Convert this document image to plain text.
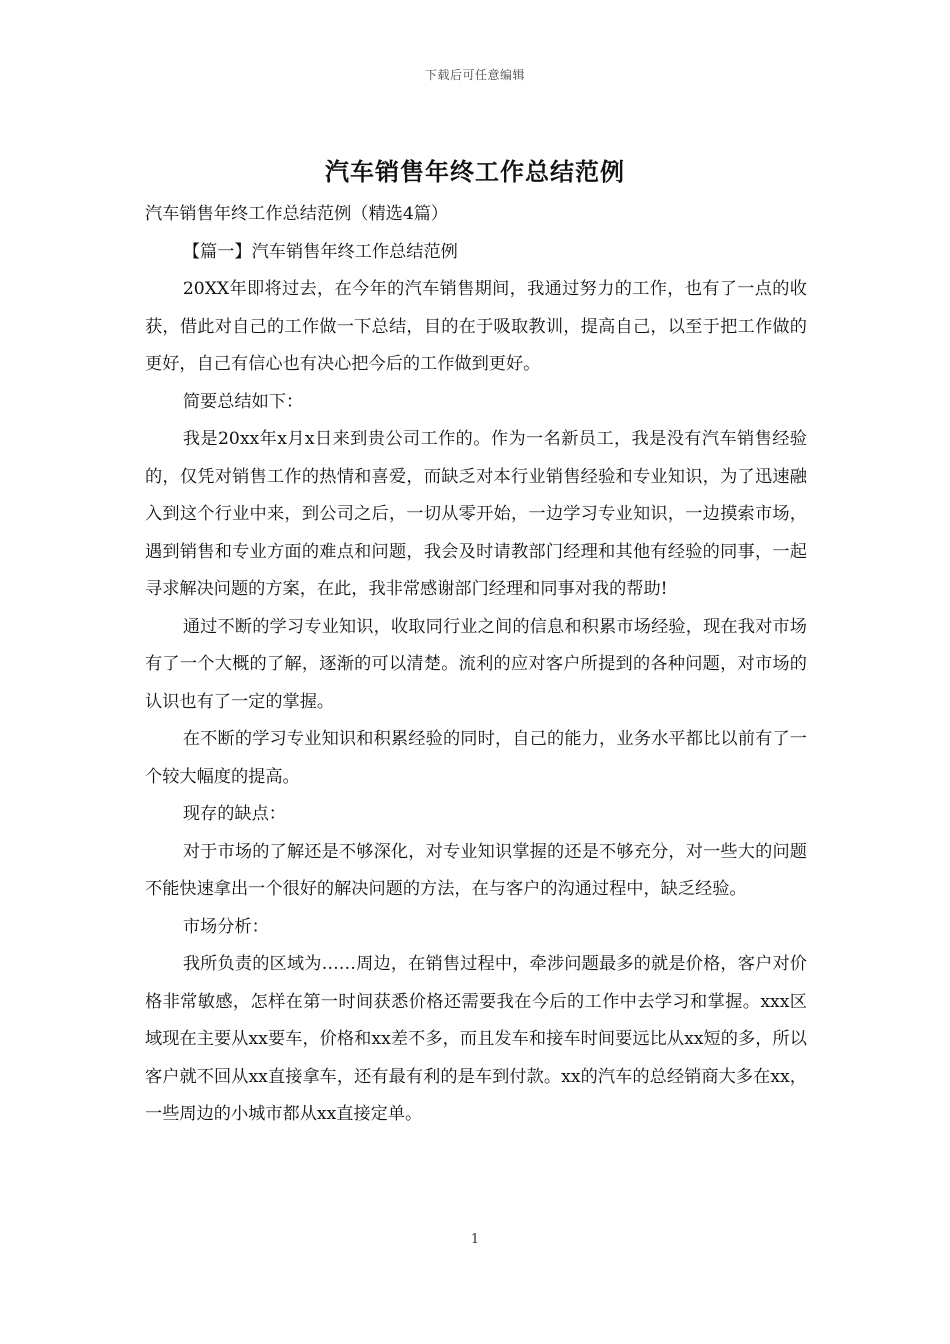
下载后可任意编辑
汽车销售年终工作总结范例

汽车销售年终工作总结范例（精选4篇）

【篇一】汽车销售年终工作总结范例

20XX年即将过去，在今年的汽车销售期间，我通过努力的工作，也有了一点的收获，借此对自己的工作做一下总结，目的在于吸取教训，提高自己，以至于把工作做的更好，自己有信心也有决心把今后的工作做到更好。

简要总结如下：

我是20xx年x月x日来到贵公司工作的。作为一名新员工，我是没有汽车销售经验的，仅凭对销售工作的热情和喜爱，而缺乏对本行业销售经验和专业知识，为了迅速融入到这个行业中来，到公司之后，一切从零开始，一边学习专业知识，一边摸索市场，遇到销售和专业方面的难点和问题，我会及时请教部门经理和其他有经验的同事，一起寻求解决问题的方案，在此，我非常感谢部门经理和同事对我的帮助!

通过不断的学习专业知识，收取同行业之间的信息和积累市场经验，现在我对市场有了一个大概的了解，逐渐的可以清楚。流利的应对客户所提到的各种问题，对市场的认识也有了一定的掌握。

在不断的学习专业知识和积累经验的同时，自己的能力，业务水平都比以前有了一个较大幅度的提高。

现存的缺点：

对于市场的了解还是不够深化，对专业知识掌握的还是不够充分，对一些大的问题不能快速拿出一个很好的解决问题的方法，在与客户的沟通过程中，缺乏经验。

市场分析：

我所负责的区域为……周边，在销售过程中，牵涉问题最多的就是价格，客户对价格非常敏感，怎样在第一时间获悉价格还需要我在今后的工作中去学习和掌握。xxx区域现在主要从xx要车，价格和xx差不多，而且发车和接车时间要远比从xx短的多，所以客户就不回从xx直接拿车，还有最有利的是车到付款。xx的汽车的总经销商大多在xx，一些周边的小城市都从xx直接定单。

1
